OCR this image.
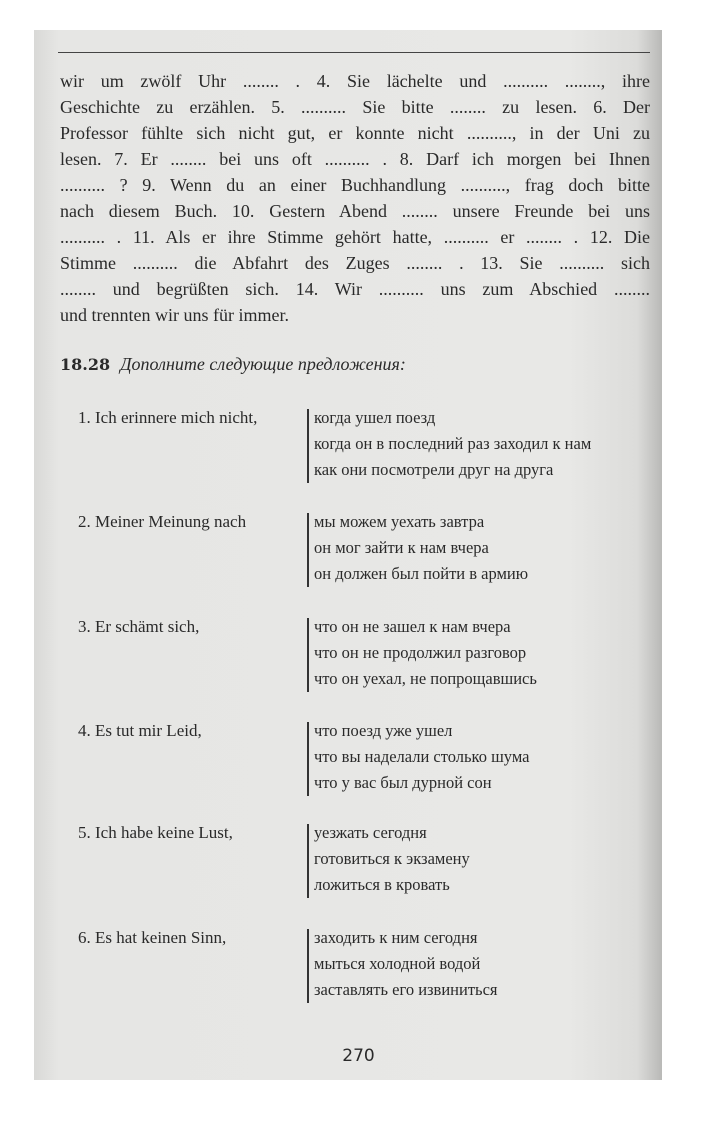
wir um zwölf Uhr ........ . 4. Sie lächelte und .......... ........, ihre
Geschichte zu erzählen. 5. .......... Sie bitte ........ zu lesen. 6. Der
Professor fühlte sich nicht gut, er konnte nicht .........., in der Uni zu
lesen. 7. Er ........ bei uns oft .......... . 8. Darf ich morgen bei Ihnen
.......... ? 9. Wenn du an einer Buchhandlung .........., frag doch bitte
nach diesem Buch. 10. Gestern Abend ........ unsere Freunde bei uns
.......... . 11. Als er ihre Stimme gehört hatte, .......... er ........ . 12. Die
Stimme .......... die Abfahrt des Zuges ........ . 13. Sie .......... sich
........ und begrüßten sich. 14. Wir .......... uns zum Abschied ........
und trennten wir uns für immer.
18.28 Дополните следующие предложения:
1. Ich erinnere mich nicht,	когда ушел поезд
когда он в последний раз заходил к нам
как они посмотрели друг на друга
2. Meiner Meinung nach	мы можем уехать завтра
он мог зайти к нам вчера
он должен был пойти в армию
3. Er schämt sich,	что он не зашел к нам вчера
что он не продолжил разговор
что он уехал, не попрощавшись
4. Es tut mir Leid,	что поезд уже ушел
что вы наделали столько шума
что у вас был дурной сон
5. Ich habe keine Lust,	уезжать сегодня
готовиться к экзамену
ложиться в кровать
6. Es hat keinen Sinn,	заходить к ним сегодня
мыться холодной водой
заставлять его извиниться
270
